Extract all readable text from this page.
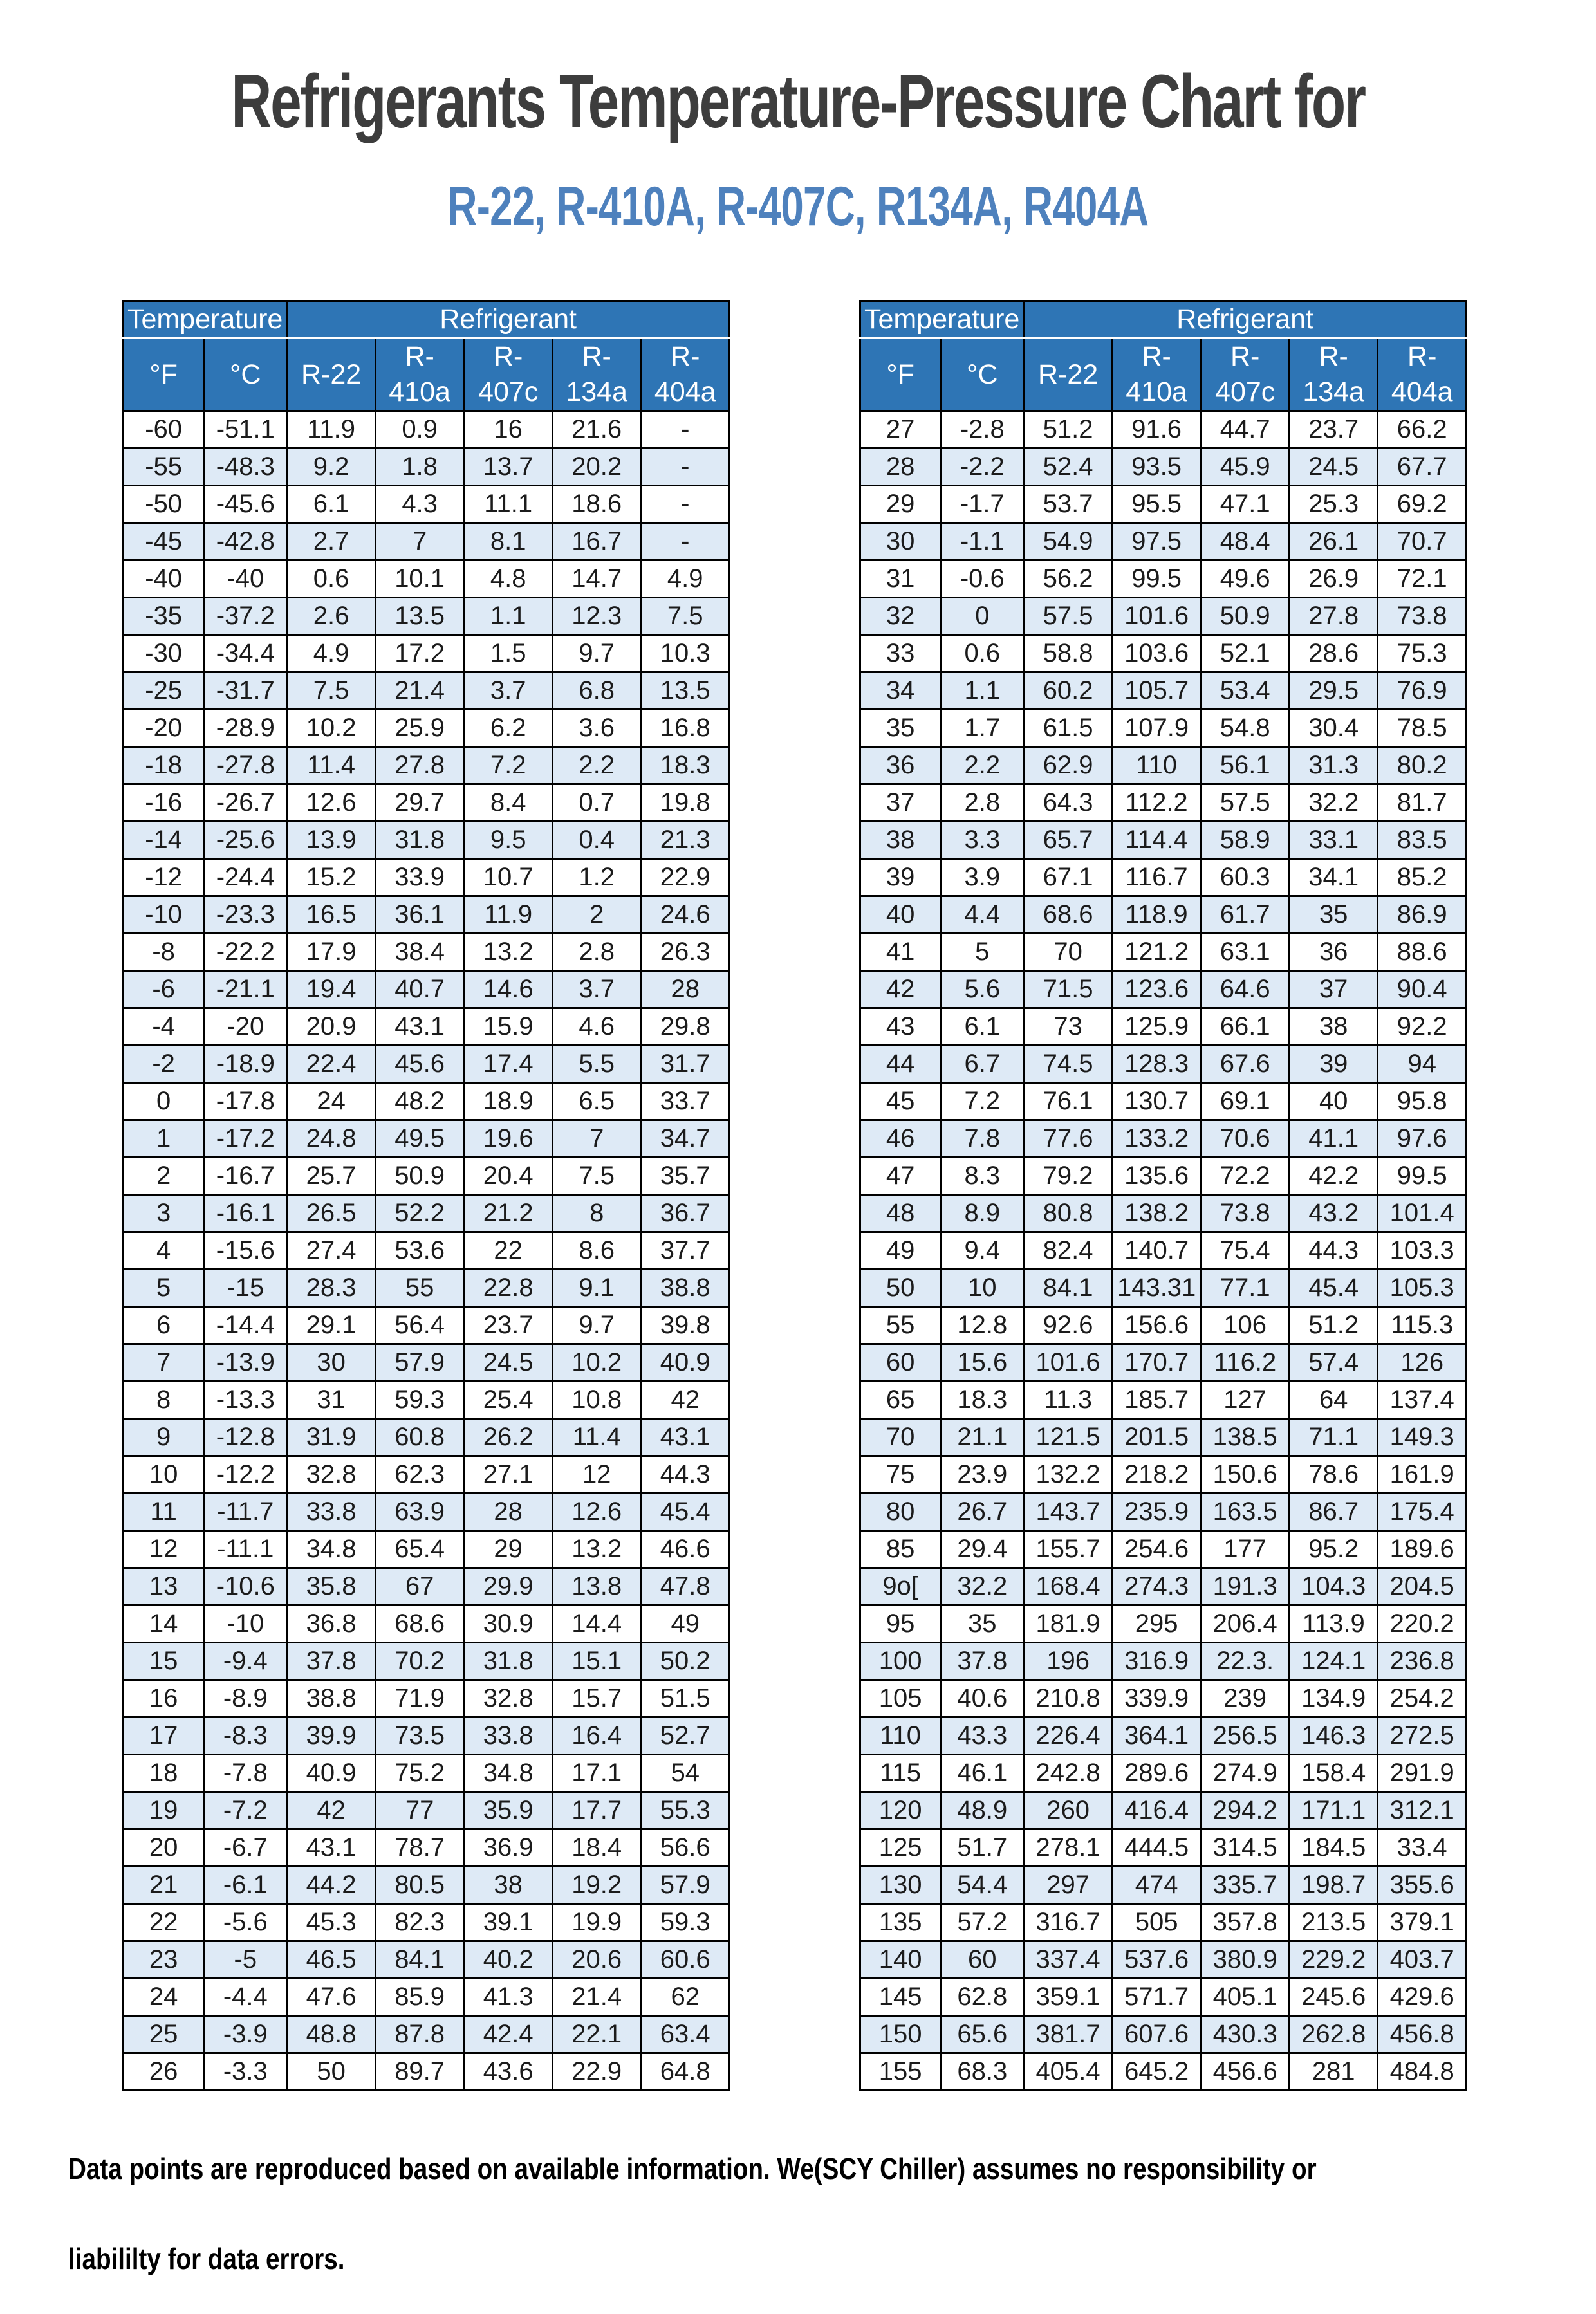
Refrigerants Temperature-Pressure Chart for
R-22, R-410A, R-407C, R134A, R404A
Temperature		Refrigerant				
°F	°C	R-22	R-410a	R-407c	R-134a	R-404a
-60	-51.1	11.9	0.9	16	21.6	-
-55	-48.3	9.2	1.8	13.7	20.2	-
-50	-45.6	6.1	4.3	11.1	18.6	-
-45	-42.8	2.7	7	8.1	16.7	-
-40	-40	0.6	10.1	4.8	14.7	4.9
-35	-37.2	2.6	13.5	1.1	12.3	7.5
-30	-34.4	4.9	17.2	1.5	9.7	10.3
-25	-31.7	7.5	21.4	3.7	6.8	13.5
-20	-28.9	10.2	25.9	6.2	3.6	16.8
-18	-27.8	11.4	27.8	7.2	2.2	18.3
-16	-26.7	12.6	29.7	8.4	0.7	19.8
-14	-25.6	13.9	31.8	9.5	0.4	21.3
-12	-24.4	15.2	33.9	10.7	1.2	22.9
-10	-23.3	16.5	36.1	11.9	2	24.6
-8	-22.2	17.9	38.4	13.2	2.8	26.3
-6	-21.1	19.4	40.7	14.6	3.7	28
-4	-20	20.9	43.1	15.9	4.6	29.8
-2	-18.9	22.4	45.6	17.4	5.5	31.7
0	-17.8	24	48.2	18.9	6.5	33.7
1	-17.2	24.8	49.5	19.6	7	34.7
2	-16.7	25.7	50.9	20.4	7.5	35.7
3	-16.1	26.5	52.2	21.2	8	36.7
4	-15.6	27.4	53.6	22	8.6	37.7
5	-15	28.3	55	22.8	9.1	38.8
6	-14.4	29.1	56.4	23.7	9.7	39.8
7	-13.9	30	57.9	24.5	10.2	40.9
8	-13.3	31	59.3	25.4	10.8	42
9	-12.8	31.9	60.8	26.2	11.4	43.1
10	-12.2	32.8	62.3	27.1	12	44.3
11	-11.7	33.8	63.9	28	12.6	45.4
12	-11.1	34.8	65.4	29	13.2	46.6
13	-10.6	35.8	67	29.9	13.8	47.8
14	-10	36.8	68.6	30.9	14.4	49
15	-9.4	37.8	70.2	31.8	15.1	50.2
16	-8.9	38.8	71.9	32.8	15.7	51.5
17	-8.3	39.9	73.5	33.8	16.4	52.7
18	-7.8	40.9	75.2	34.8	17.1	54
19	-7.2	42	77	35.9	17.7	55.3
20	-6.7	43.1	78.7	36.9	18.4	56.6
21	-6.1	44.2	80.5	38	19.2	57.9
22	-5.6	45.3	82.3	39.1	19.9	59.3
23	-5	46.5	84.1	40.2	20.6	60.6
24	-4.4	47.6	85.9	41.3	21.4	62
25	-3.9	48.8	87.8	42.4	22.1	63.4
26	-3.3	50	89.7	43.6	22.9	64.8
Temperature		Refrigerant				
°F	°C	R-22	R-410a	R-407c	R-134a	R-404a
27	-2.8	51.2	91.6	44.7	23.7	66.2
28	-2.2	52.4	93.5	45.9	24.5	67.7
29	-1.7	53.7	95.5	47.1	25.3	69.2
30	-1.1	54.9	97.5	48.4	26.1	70.7
31	-0.6	56.2	99.5	49.6	26.9	72.1
32	0	57.5	101.6	50.9	27.8	73.8
33	0.6	58.8	103.6	52.1	28.6	75.3
34	1.1	60.2	105.7	53.4	29.5	76.9
35	1.7	61.5	107.9	54.8	30.4	78.5
36	2.2	62.9	110	56.1	31.3	80.2
37	2.8	64.3	112.2	57.5	32.2	81.7
38	3.3	65.7	114.4	58.9	33.1	83.5
39	3.9	67.1	116.7	60.3	34.1	85.2
40	4.4	68.6	118.9	61.7	35	86.9
41	5	70	121.2	63.1	36	88.6
42	5.6	71.5	123.6	64.6	37	90.4
43	6.1	73	125.9	66.1	38	92.2
44	6.7	74.5	128.3	67.6	39	94
45	7.2	76.1	130.7	69.1	40	95.8
46	7.8	77.6	133.2	70.6	41.1	97.6
47	8.3	79.2	135.6	72.2	42.2	99.5
48	8.9	80.8	138.2	73.8	43.2	101.4
49	9.4	82.4	140.7	75.4	44.3	103.3
50	10	84.1	143.31	77.1	45.4	105.3
55	12.8	92.6	156.6	106	51.2	115.3
60	15.6	101.6	170.7	116.2	57.4	126
65	18.3	11.3	185.7	127	64	137.4
70	21.1	121.5	201.5	138.5	71.1	149.3
75	23.9	132.2	218.2	150.6	78.6	161.9
80	26.7	143.7	235.9	163.5	86.7	175.4
85	29.4	155.7	254.6	177	95.2	189.6
9o[	32.2	168.4	274.3	191.3	104.3	204.5
95	35	181.9	295	206.4	113.9	220.2
100	37.8	196	316.9	22.3.	124.1	236.8
105	40.6	210.8	339.9	239	134.9	254.2
110	43.3	226.4	364.1	256.5	146.3	272.5
115	46.1	242.8	289.6	274.9	158.4	291.9
120	48.9	260	416.4	294.2	171.1	312.1
125	51.7	278.1	444.5	314.5	184.5	33.4
130	54.4	297	474	335.7	198.7	355.6
135	57.2	316.7	505	357.8	213.5	379.1
140	60	337.4	537.6	380.9	229.2	403.7
145	62.8	359.1	571.7	405.1	245.6	429.6
150	65.6	381.7	607.6	430.3	262.8	456.8
155	68.3	405.4	645.2	456.6	281	484.8
Data points are reproduced based on available information. We(SCY Chiller) assumes no responsibility or
liabililty for data errors.
